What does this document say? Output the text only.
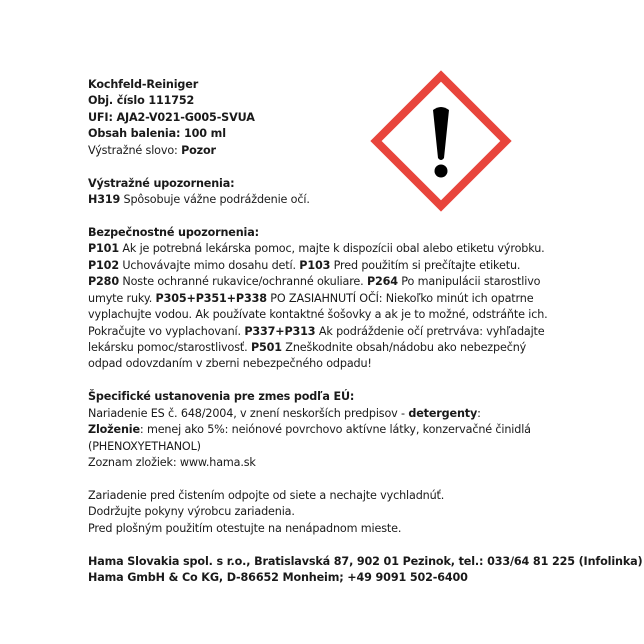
Kochfeld-Reiniger
Obj. číslo 111752
UFI: AJA2-V021-G005-SVUA
Obsah balenia: 100 ml
Výstražné slovo: Pozor
Výstražné upozornenia:
H319 Spôsobuje vážne podráždenie očí.
Bezpečnostné upozornenia:
P101 Ak je potrebná lekárska pomoc, majte k dispozícii obal alebo etiketu výrobku.
P102 Uchovávajte mimo dosahu detí. P103 Pred použitím si prečítajte etiketu.
P280 Noste ochranné rukavice/ochranné okuliare. P264 Po manipulácii starostlivo
umyte ruky. P305+P351+P338 PO ZASIAHNUTÍ OČÍ: Niekoľko minút ich opatrne
vyplachujte vodou. Ak používate kontaktné šošovky a ak je to možné, odstráňte ich.
Pokračujte vo vyplachovaní. P337+P313 Ak podráždenie očí pretrváva: vyhľadajte
lekársku pomoc/starostlivosť. P501 Zneškodnite obsah/nádobu ako nebezpečný
odpad odovzdaním v zberni nebezpečného odpadu!
Špecifické ustanovenia pre zmes podľa EÚ:
Nariadenie ES č. 648/2004, v znení neskorších predpisov - detergenty:
Zloženie: menej ako 5%: neiónové povrchovo aktívne látky, konzervačné činidlá
(PHENOXYETHANOL)
Zoznam zložiek: www.hama.sk
Zariadenie pred čistením odpojte od siete a nechajte vychladnúť.
Dodržujte pokyny výrobcu zariadenia.
Pred plošným použitím otestujte na nenápadnom mieste.
Hama Slovakia spol. s r.o., Bratislavská 87, 902 01 Pezinok, tel.: 033/64 81 225 (Infolinka)
Hama GmbH & Co KG, D-86652 Monheim; +49 9091 502-6400
